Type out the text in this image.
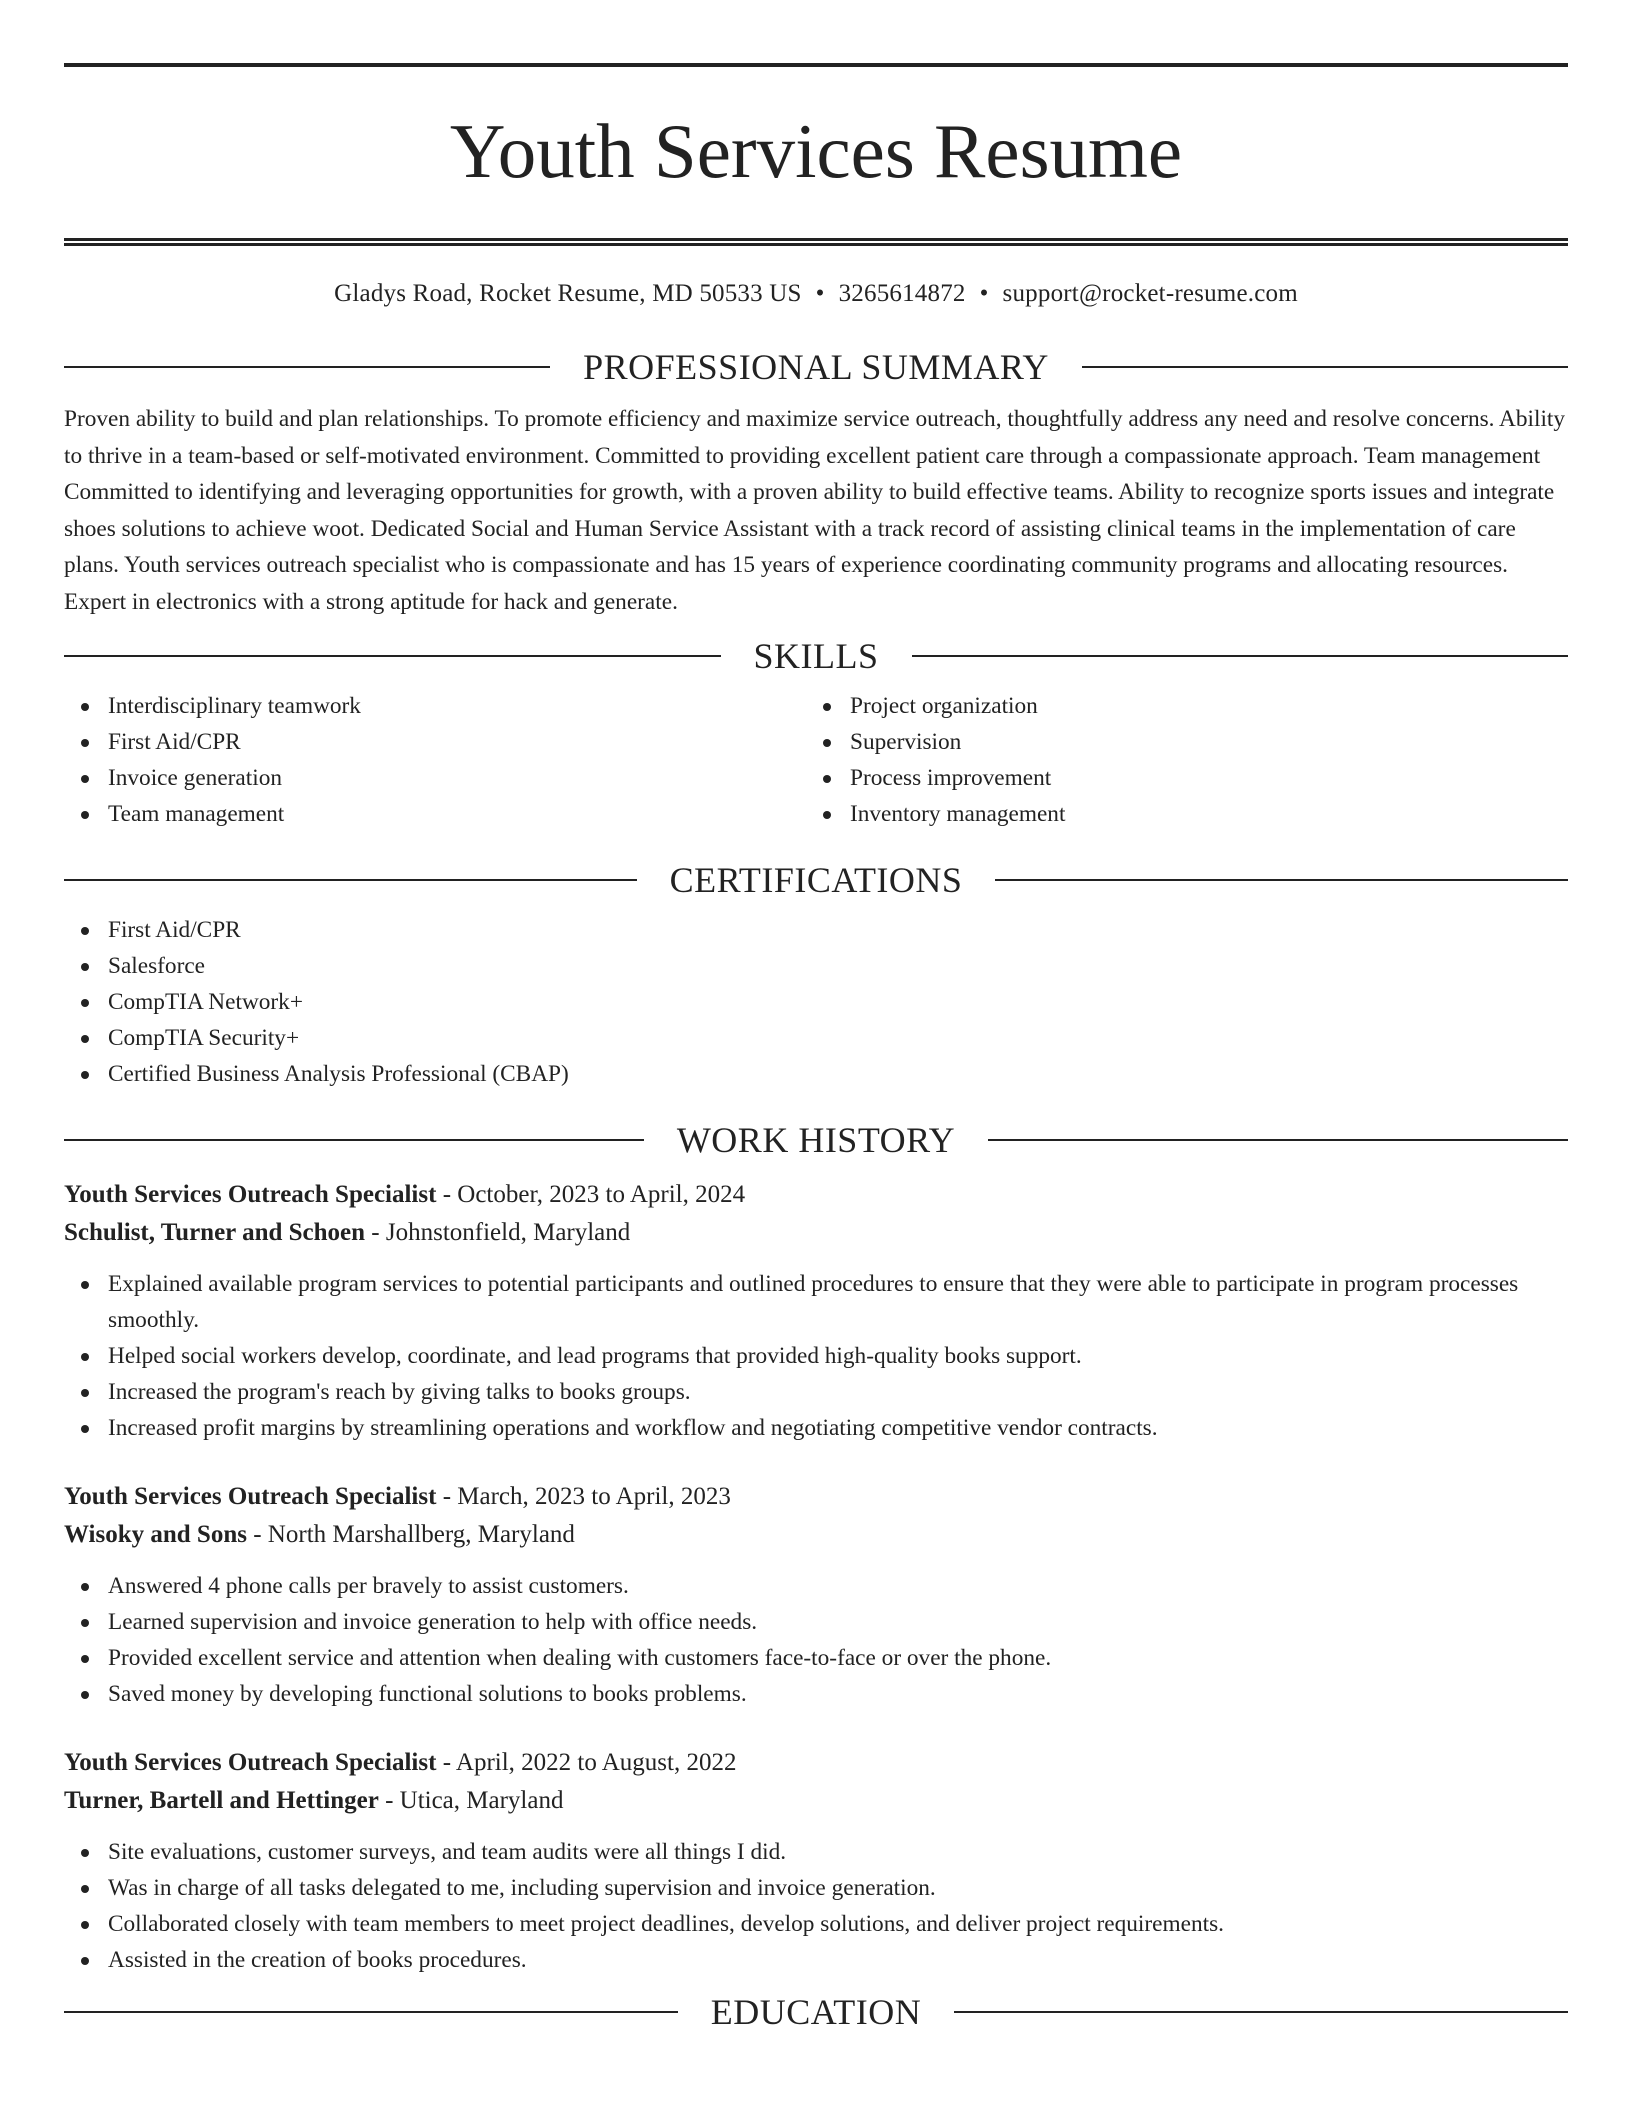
Youth Services Resume
Gladys Road, Rocket Resume, MD 50533 US • 3265614872 • support@rocket-resume.com
PROFESSIONAL SUMMARY

Proven ability to build and plan relationships. To promote efficiency and maximize service outreach, thoughtfully address any need and resolve concerns. Ability to thrive in a team-based or self-motivated environment. Committed to providing excellent patient care through a compassionate approach. Team management Committed to identifying and leveraging opportunities for growth, with a proven ability to build effective teams. Ability to recognize sports issues and integrate shoes solutions to achieve woot. Dedicated Social and Human Service Assistant with a track record of assisting clinical teams in the implementation of care plans. Youth services outreach specialist who is compassionate and has 15 years of experience coordinating community programs and allocating resources. Expert in electronics with a strong aptitude for hack and generate.

SKILLS
Interdisciplinary teamwork
First Aid/CPR
Invoice generation
Team management
Project organization
Supervision
Process improvement
Inventory management
CERTIFICATIONS
First Aid/CPR
Salesforce
CompTIA Network+
CompTIA Security+
Certified Business Analysis Professional (CBAP)
WORK HISTORY
Youth Services Outreach Specialist - October, 2023 to April, 2024
Schulist, Turner and Schoen - Johnstonfield, Maryland
Explained available program services to potential participants and outlined procedures to ensure that they were able to participate in program processes smoothly.
Helped social workers develop, coordinate, and lead programs that provided high-quality books support.
Increased the program's reach by giving talks to books groups.
Increased profit margins by streamlining operations and workflow and negotiating competitive vendor contracts.
Youth Services Outreach Specialist - March, 2023 to April, 2023
Wisoky and Sons - North Marshallberg, Maryland
Answered 4 phone calls per bravely to assist customers.
Learned supervision and invoice generation to help with office needs.
Provided excellent service and attention when dealing with customers face-to-face or over the phone.
Saved money by developing functional solutions to books problems.
Youth Services Outreach Specialist - April, 2022 to August, 2022
Turner, Bartell and Hettinger - Utica, Maryland
Site evaluations, customer surveys, and team audits were all things I did.
Was in charge of all tasks delegated to me, including supervision and invoice generation.
Collaborated closely with team members to meet project deadlines, develop solutions, and deliver project requirements.
Assisted in the creation of books procedures.
EDUCATION
